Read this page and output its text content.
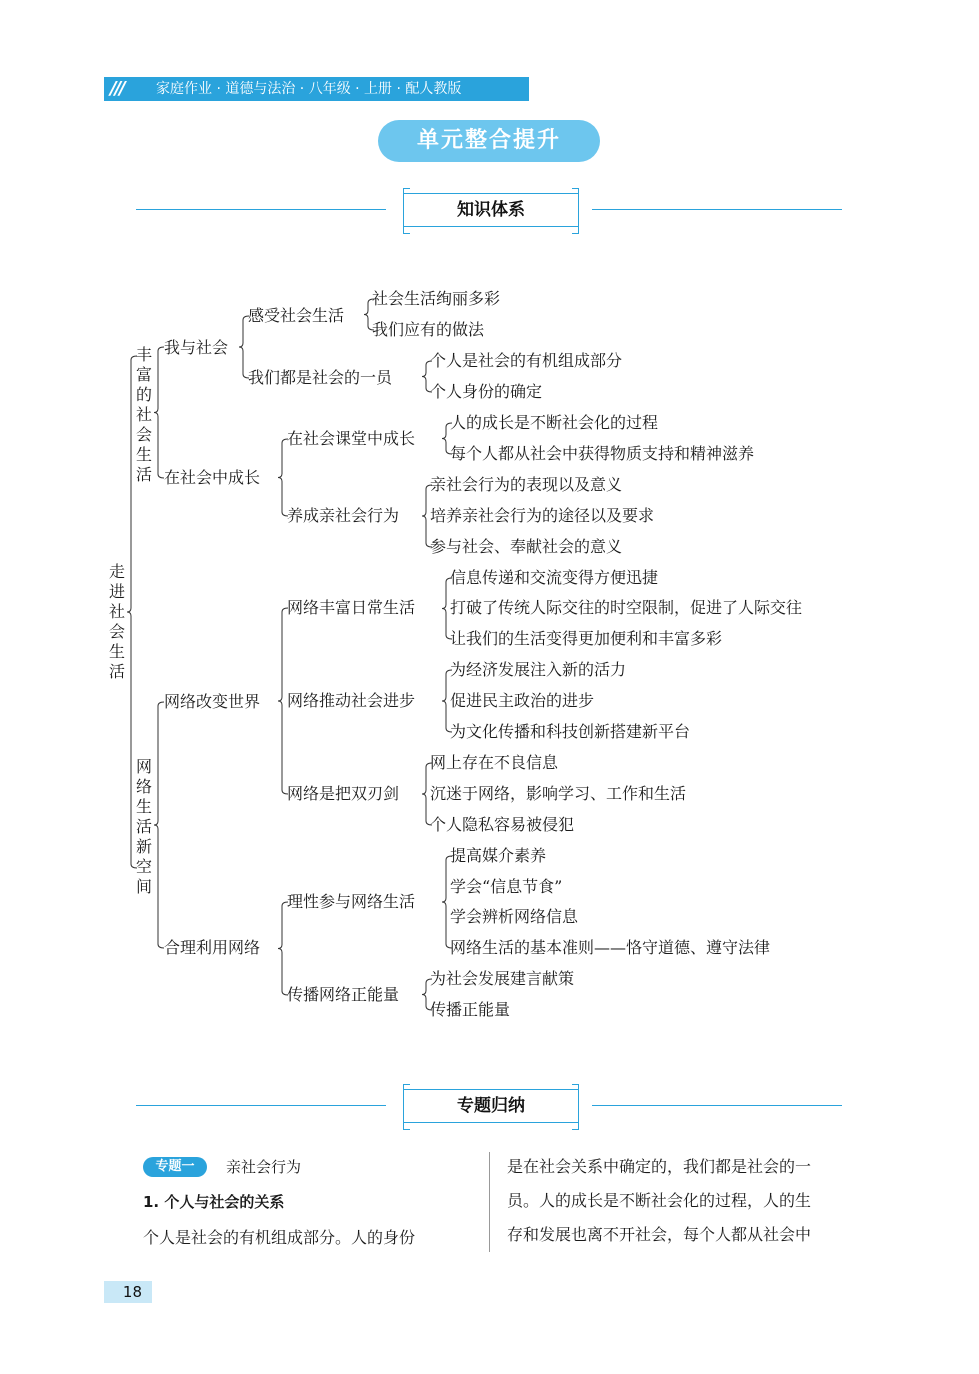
/// 家庭作业 · 道德与法治 · 八年级 · 上册 · 配人教版
单元整合提升
知识体系
走进社会生活
丰富的社会生活
网络生活新空间
我与社会
在社会中成长
网络改变世界
合理利用网络
感受社会生活
我们都是社会的一员
在社会课堂中成长
养成亲社会行为
网络丰富日常生活
网络推动社会进步
网络是把双刃剑
理性参与网络生活
传播网络正能量
社会生活绚丽多彩
我们应有的做法
个人是社会的有机组成部分
个人身份的确定
人的成长是不断社会化的过程
每个人都从社会中获得物质支持和精神滋养
亲社会行为的表现以及意义
培养亲社会行为的途径以及要求
参与社会、奉献社会的意义
信息传递和交流变得方便迅捷
打破了传统人际交往的时空限制，促进了人际交往
让我们的生活变得更加便利和丰富多彩
为经济发展注入新的活力
促进民主政治的进步
为文化传播和科技创新搭建新平台
网上存在不良信息
沉迷于网络，影响学习、工作和生活
个人隐私容易被侵犯
提高媒介素养
学会“信息节食”
学会辨析网络信息
网络生活的基本准则——恪守道德、遵守法律
为社会发展建言献策
传播正能量
专题归纳
专题一	亲社会行为
1. 个人与社会的关系
个人是社会的有机组成部分。人的身份
是在社会关系中确定的，我们都是社会的一
员。人的成长是不断社会化的过程，人的生
存和发展也离不开社会，每个人都从社会中
18
